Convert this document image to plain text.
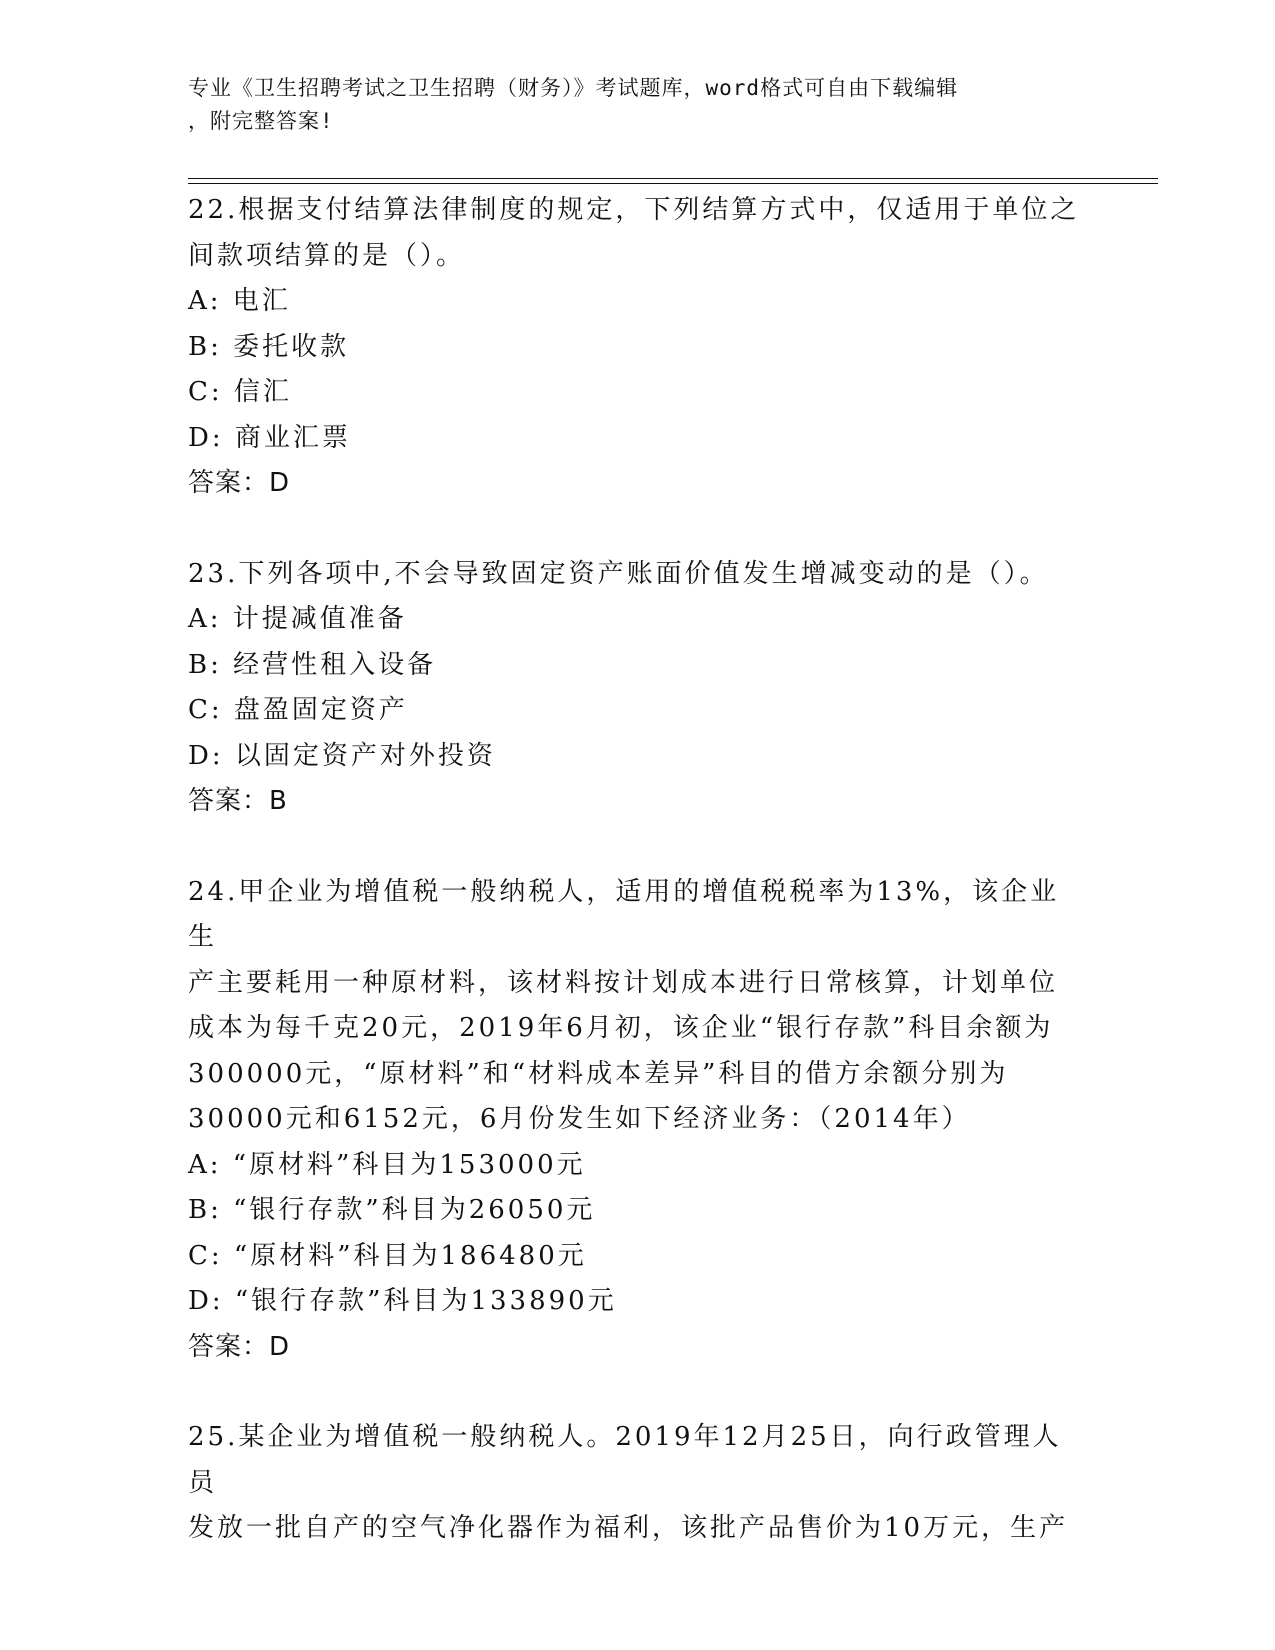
专业《卫生招聘考试之卫生招聘（财务）》考试题库，word格式可自由下载编辑
，附完整答案!

22.根据支付结算法律制度的规定，下列结算方式中，仅适用于单位之

间款项结算的是（）。

A: 电汇

B: 委托收款

C: 信汇

D: 商业汇票

答案：D

23.下列各项中,不会导致固定资产账面价值发生增减变动的是（）。

A: 计提减值准备

B: 经营性租入设备

C: 盘盈固定资产

D: 以固定资产对外投资

答案：B

24.甲企业为增值税一般纳税人，适用的增值税税率为13%，该企业生

产主要耗用一种原材料，该材料按计划成本进行日常核算，计划单位

成本为每千克20元，2019年6月初，该企业“银行存款”科目余额为

300000元，“原材料”和“材料成本差异”科目的借方余额分别为

30000元和6152元，6月份发生如下经济业务：（2014年）

A: “原材料”科目为153000元

B: “银行存款”科目为26050元

C: “原材料”科目为186480元

D: “银行存款”科目为133890元

答案：D

25.某企业为增值税一般纳税人。2019年12月25日，向行政管理人员

发放一批自产的空气净化器作为福利，该批产品售价为10万元，生产
